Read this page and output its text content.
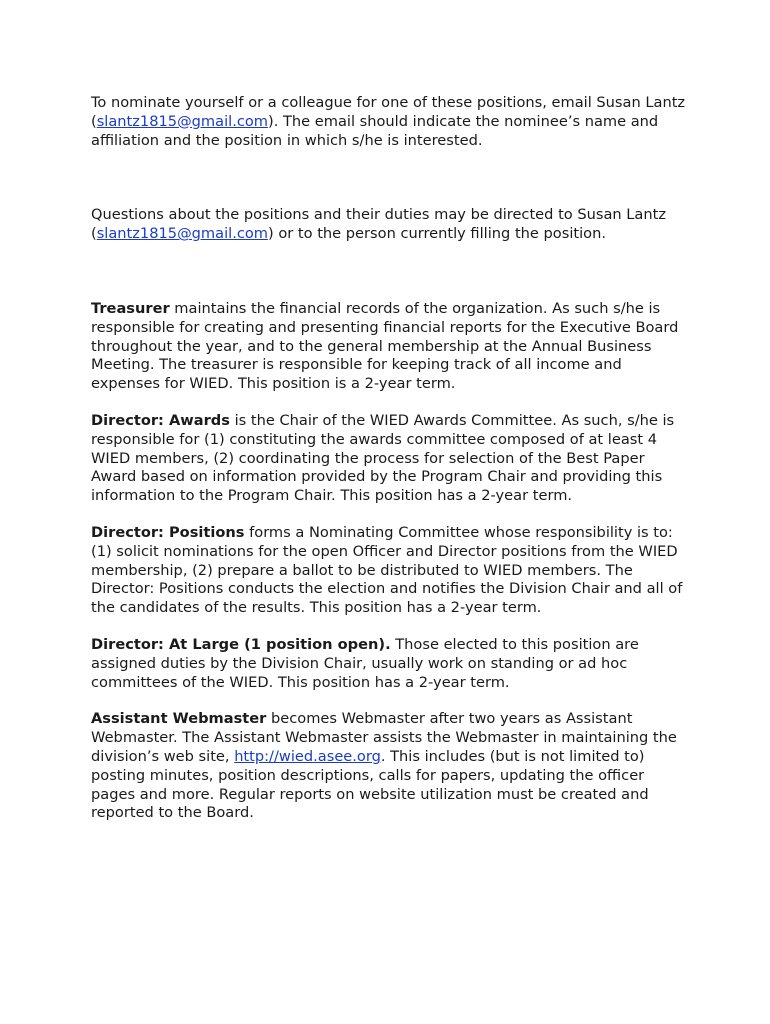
To nominate yourself or a colleague for one of these positions, email Susan Lantz (slantz1815@gmail.com). The email should indicate the nominee’s name and affiliation and the position in which s/he is interested.

Questions about the positions and their duties may be directed to Susan Lantz (slantz1815@gmail.com) or to the person currently filling the position.

Treasurer maintains the financial records of the organization. As such s/he is responsible for creating and presenting financial reports for the Executive Board throughout the year, and to the general membership at the Annual Business Meeting. The treasurer is responsible for keeping track of all income and expenses for WIED. This position is a 2-year term.

Director: Awards is the Chair of the WIED Awards Committee. As such, s/he is responsible for (1) constituting the awards committee composed of at least 4 WIED members, (2) coordinating the process for selection of the Best Paper Award based on information provided by the Program Chair and providing this information to the Program Chair. This position has a 2-year term.

Director: Positions forms a Nominating Committee whose responsibility is to: (1) solicit nominations for the open Officer and Director positions from the WIED membership, (2) prepare a ballot to be distributed to WIED members. The Director: Positions conducts the election and notifies the Division Chair and all of the candidates of the results. This position has a 2-year term.

Director: At Large (1 position open). Those elected to this position are assigned duties by the Division Chair, usually work on standing or ad hoc committees of the WIED. This position has a 2-year term.

Assistant Webmaster becomes Webmaster after two years as Assistant Webmaster. The Assistant Webmaster assists the Webmaster in maintaining the division’s web site, http://wied.asee.org. This includes (but is not limited to) posting minutes, position descriptions, calls for papers, updating the officer pages and more. Regular reports on website utilization must be created and reported to the Board.
